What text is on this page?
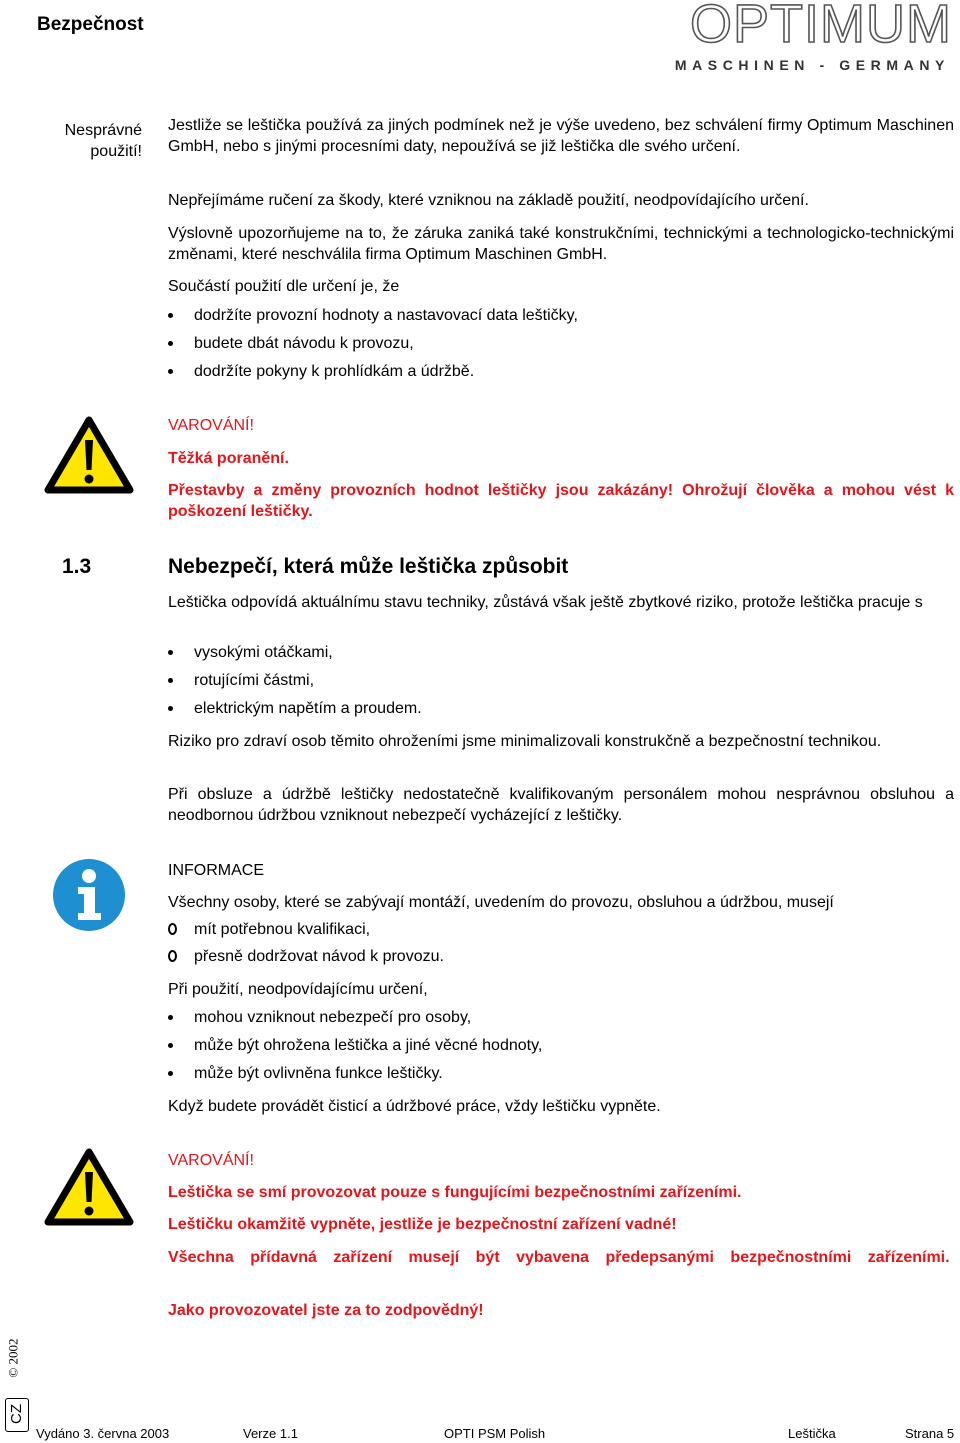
Bezpečnost	OPTIMUM
MASCHINEN - GERMANY
Nesprávné použití!
Jestliže se leštička používá za jiných podmínek než je výše uvedeno, bez schválení firmy Optimum Maschinen GmbH, nebo s jinými procesními daty, nepoužívá se již leštička dle svého určení.
Nepřejímáme ručení za škody, které vzniknou na základě použití, neodpovídajícího určení.
Výslovně upozorňujeme na to, že záruka zaniká také konstrukčními, technickými a technologicko-technickými změnami, které neschválila firma Optimum Maschinen GmbH.
Součástí použití dle určení je, že
dodržíte provozní hodnoty a nastavovací data leštičky,
budete dbát návodu k provozu,
dodržíte pokyny k prohlídkám a údržbě.
VAROVÁNÍ!
Těžká poranění.
Přestavby a změny provozních hodnot leštičky jsou zakázány! Ohrožují člověka a mohou vést k poškození leštičky.
1.3	Nebezpečí, která může leštička způsobit
Leštička odpovídá aktuálnímu stavu techniky, zůstává však ještě zbytkové riziko, protože leštička pracuje s
vysokými otáčkami,
rotujícími částmi,
elektrickým napětím a proudem.
Riziko pro zdraví osob těmito ohroženími jsme minimalizovali konstrukčně a bezpečnostní technikou.
Při obsluze a údržbě leštičky nedostatečně kvalifikovaným personálem mohou nesprávnou obsluhou a neodbornou údržbou vzniknout nebezpečí vycházející z leštičky.
INFORMACE
Všechny osoby, které se zabývají montáží, uvedením do provozu, obsluhou a údržbou, musejí
mít potřebnou kvalifikaci,
přesně dodržovat návod k provozu.
Při použití, neodpovídajícímu určení,
mohou vzniknout nebezpečí pro osoby,
může být ohrožena leštička a jiné věcné hodnoty,
může být ovlivněna funkce leštičky.
Když budete provádět čisticí a údržbové práce, vždy leštičku vypněte.
VAROVÁNÍ!
Leštička se smí provozovat pouze s fungujícími bezpečnostními zařízeními.
Leštičku okamžitě vypněte, jestliže je bezpečnostní zařízení vadné!
Všechna přídavná zařízení musejí být vybavena předepsanými bezpečnostními zařízeními.
Jako provozovatel jste za to zodpovědný!
© 2002
CZ
Vydáno 3. června 2003	Verze 1.1	OPTI PSM Polish	Leštička	Strana 5
